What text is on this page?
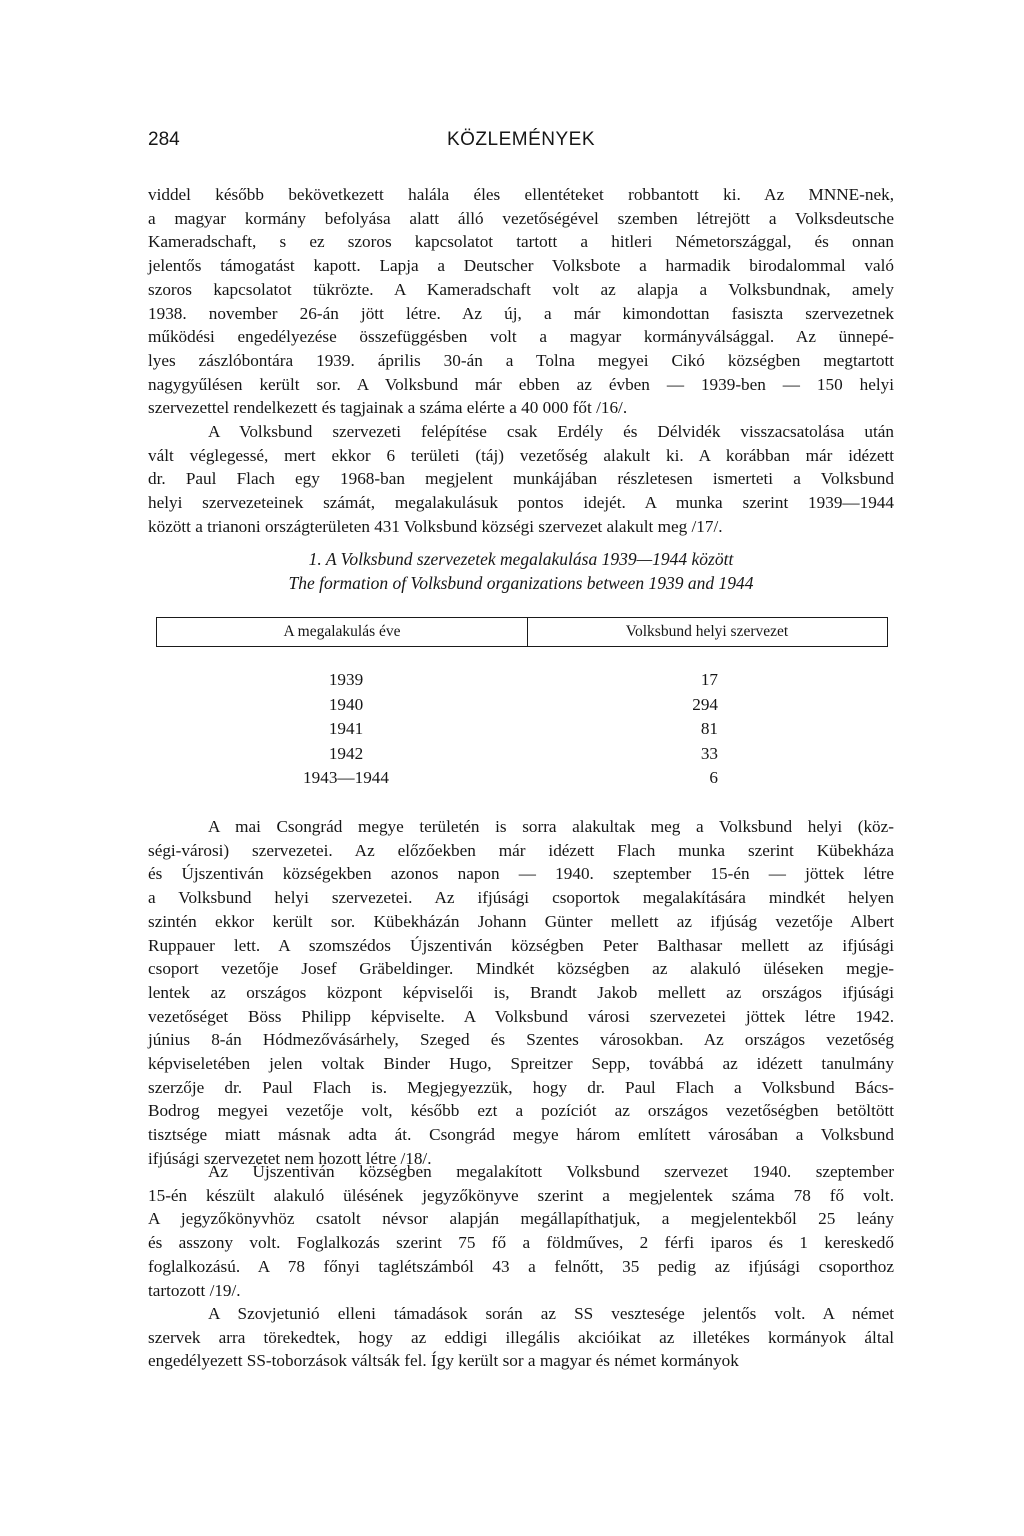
284	KÖZLEMÉNYEK

viddel később bekövetkezett halála éles ellentéteket robbantott ki. Az MNNE-nek,
a magyar kormány befolyása alatt álló vezetőségével szemben létrejött a Volksdeutsche
Kameradschaft, s ez szoros kapcsolatot tartott a hitleri Németországgal, és onnan
jelentős támogatást kapott. Lapja a Deutscher Volksbote a harmadik birodalommal való
szoros kapcsolatot tükrözte. A Kameradschaft volt az alapja a Volksbundnak, amely
1938. november 26-án jött létre. Az új, a már kimondottan fasiszta szervezetnek
működési engedélyezése összefüggésben volt a magyar kormányválsággal. Az ünnepé-
lyes zászlóbontára 1939. április 30-án a Tolna megyei Cikó községben megtartott
nagygyűlésen került sor. A Volksbund már ebben az évben — 1939-ben — 150 helyi
szervezettel rendelkezett és tagjainak a száma elérte a 40 000 főt /16/.

A Volksbund szervezeti felépítése csak Erdély és Délvidék visszacsatolása után
vált véglegessé, mert ekkor 6 területi (táj) vezetőség alakult ki. A korábban már idézett
dr. Paul Flach egy 1968-ban megjelent munkájában részletesen ismerteti a Volksbund
helyi szervezeteinek számát, megalakulásuk pontos idejét. A munka szerint 1939—1944
között a trianoni országterületen 431 Volksbund községi szervezet alakult meg /17/.

1. A Volksbund szervezetek megalakulása 1939—1944 között
The formation of Volksbund organizations between 1939 and 1944
A megalakulás éve	Volksbund helyi szervezet
1939	17
1940	294
1941	81
1942	33
1943—1944	6

A mai Csongrád megye területén is sorra alakultak meg a Volksbund helyi (köz-
ségi-városi) szervezetei. Az előzőekben már idézett Flach munka szerint Kübekháza
és Újszentiván községekben azonos napon — 1940. szeptember 15-én — jöttek létre
a Volksbund helyi szervezetei. Az ifjúsági csoportok megalakítására mindkét helyen
szintén ekkor került sor. Kübekházán Johann Günter mellett az ifjúság vezetője Albert
Ruppauer lett. A szomszédos Újszentiván községben Peter Balthasar mellett az ifjúsági
csoport vezetője Josef Gräbeldinger. Mindkét községben az alakuló üléseken megje-
lentek az országos központ képviselői is, Brandt Jakob mellett az országos ifjúsági
vezetőséget Böss Philipp képviselte. A Volksbund városi szervezetei jöttek létre 1942.
június 8-án Hódmezővásárhely, Szeged és Szentes városokban. Az országos vezetőség
képviseletében jelen voltak Binder Hugo, Spreitzer Sepp, továbbá az idézett tanulmány
szerzője dr. Paul Flach is. Megjegyezzük, hogy dr. Paul Flach a Volksbund Bács-
Bodrog megyei vezetője volt, később ezt a pozíciót az országos vezetőségben betöltött
tisztsége miatt másnak adta át. Csongrád megye három említett városában a Volksbund
ifjúsági szervezetet nem hozott létre /18/.

Az Újszentiván községben megalakított Volksbund szervezet 1940. szeptember
15-én készült alakuló ülésének jegyzőkönyve szerint a megjelentek száma 78 fő volt.
A jegyzőkönyvhöz csatolt névsor alapján megállapíthatjuk, a megjelentekből 25 leány
és asszony volt. Foglalkozás szerint 75 fő a földműves, 2 férfi iparos és 1 kereskedő
foglalkozású. A 78 főnyi taglétszámból 43 a felnőtt, 35 pedig az ifjúsági csoporthoz
tartozott /19/.

A Szovjetunió elleni támadások során az SS vesztesége jelentős volt. A német
szervek arra törekedtek, hogy az eddigi illegális akcióikat az illetékes kormányok által
engedélyezett SS-toborzások váltsák fel. Így került sor a magyar és német kormányok
